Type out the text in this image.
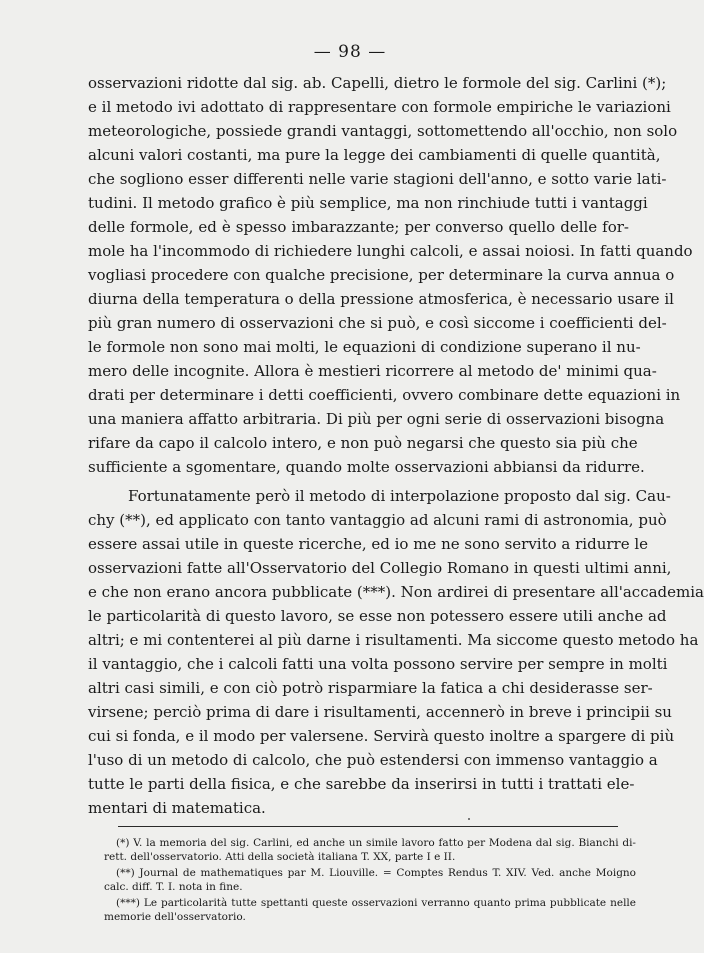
— 98 —
osservazioni ridotte dal sig. ab. Capelli, dietro le formole del sig. Carlini (*);
e il metodo ivi adottato di rappresentare con formole empiriche le variazioni
meteorologiche, possiede grandi vantaggi, sottomettendo all'occhio, non solo
alcuni valori costanti, ma pure la legge dei cambiamenti di quelle quantità,
che sogliono esser differenti nelle varie stagioni dell'anno, e sotto varie lati-
tudini. Il metodo grafico è più semplice, ma non rinchiude tutti i vantaggi
delle formole, ed è spesso imbarazzante; per converso quello delle for-
mole ha l'incommodo di richiedere lunghi calcoli, e assai noiosi. In fatti quando
vogliasi procedere con qualche precisione, per determinare la curva annua o
diurna della temperatura o della pressione atmosferica, è necessario usare il
più gran numero di osservazioni che si può, e così siccome i coefficienti del-
le formole non sono mai molti, le equazioni di condizione superano il nu-
mero delle incognite. Allora è mestieri ricorrere al metodo de' minimi qua-
drati per determinare i detti coefficienti, ovvero combinare dette equazioni in
una maniera affatto arbitraria. Di più per ogni serie di osservazioni bisogna
rifare da capo il calcolo intero, e non può negarsi che questo sia più che
sufficiente a sgomentare, quando molte osservazioni abbiansi da ridurre.
Fortunatamente però il metodo di interpolazione proposto dal sig. Cau-
chy (**), ed applicato con tanto vantaggio ad alcuni rami di astronomia, può
essere assai utile in queste ricerche, ed io me ne sono servito a ridurre le
osservazioni fatte all'Osservatorio del Collegio Romano in questi ultimi anni,
e che non erano ancora pubblicate (***). Non ardirei di presentare all'accademia
le particolarità di questo lavoro, se esse non potessero essere utili anche ad
altri; e mi contenterei al più darne i risultamenti. Ma siccome questo metodo ha
il vantaggio, che i calcoli fatti una volta possono servire per sempre in molti
altri casi simili, e con ciò potrò risparmiare la fatica a chi desiderasse ser-
virsene; perciò prima di dare i risultamenti, accennerò in breve i principii su
cui si fonda, e il modo per valersene. Servirà questo inoltre a spargere di più
l'uso di un metodo di calcolo, che può estendersi con immenso vantaggio a
tutte le parti della fisica, e che sarebbe da inserirsi in tutti i trattati ele-
mentari di matematica.
(*) V. la memoria del sig. Carlini, ed anche un simile lavoro fatto per Modena dal sig. Bianchi di-
rett. dell'osservatorio. Atti della società italiana T. XX, parte I e II.
(**) Journal de mathematiques par M. Liouville. = Comptes Rendus T. XIV. Ved. anche Moigno
calc. diff. T. I. nota in fine.
(***) Le particolarità tutte spettanti queste osservazioni verranno quanto prima pubblicate nelle
memorie dell'osservatorio.
